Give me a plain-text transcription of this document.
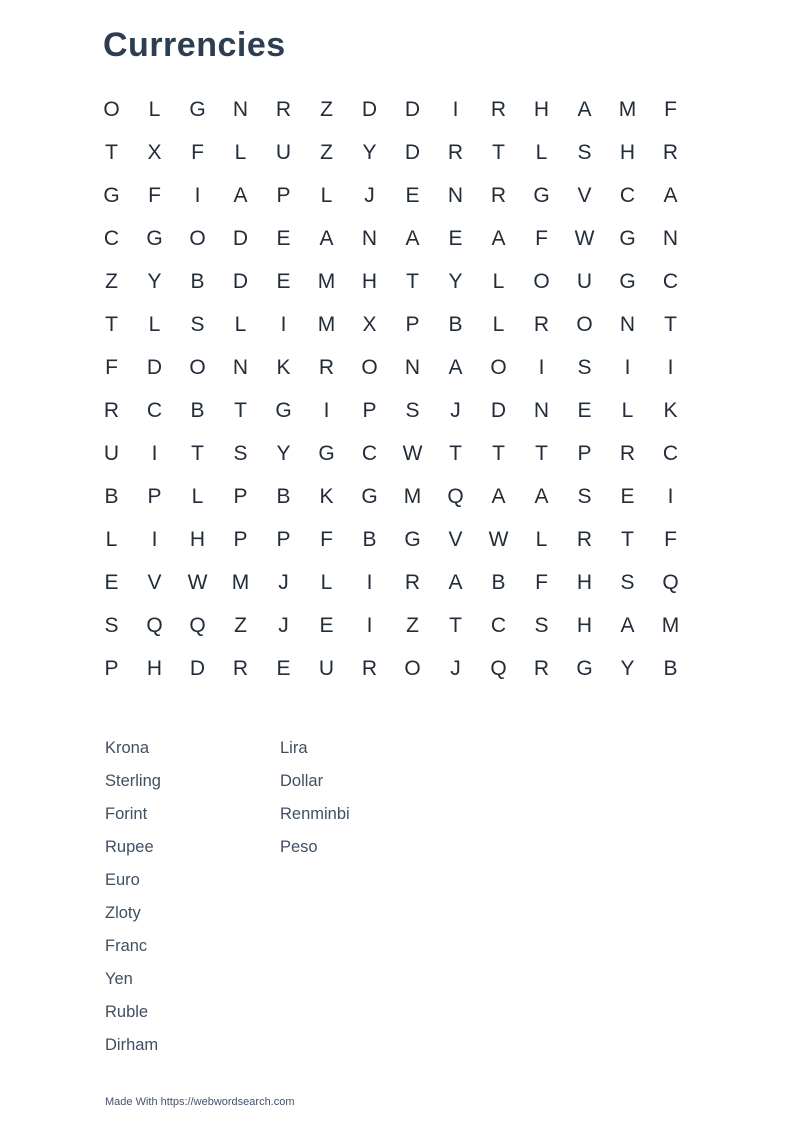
Currencies
O	L	G	N	R	Z	D	D	I	R	H	A	M	F
T	X	F	L	U	Z	Y	D	R	T	L	S	H	R
G	F	I	A	P	L	J	E	N	R	G	V	C	A
C	G	O	D	E	A	N	A	E	A	F	W	G	N
Z	Y	B	D	E	M	H	T	Y	L	O	U	G	C
T	L	S	L	I	M	X	P	B	L	R	O	N	T
F	D	O	N	K	R	O	N	A	O	I	S	I	I
R	C	B	T	G	I	P	S	J	D	N	E	L	K
U	I	T	S	Y	G	C	W	T	T	T	P	R	C
B	P	L	P	B	K	G	M	Q	A	A	S	E	I
L	I	H	P	P	F	B	G	V	W	L	R	T	F
E	V	W	M	J	L	I	R	A	B	F	H	S	Q
S	Q	Q	Z	J	E	I	Z	T	C	S	H	A	M
P	H	D	R	E	U	R	O	J	Q	R	G	Y	B
Krona
Sterling
Forint
Rupee
Euro
Zloty
Franc
Yen
Ruble
Dirham
Lira
Dollar
Renminbi
Peso
Made With https://webwordsearch.com
